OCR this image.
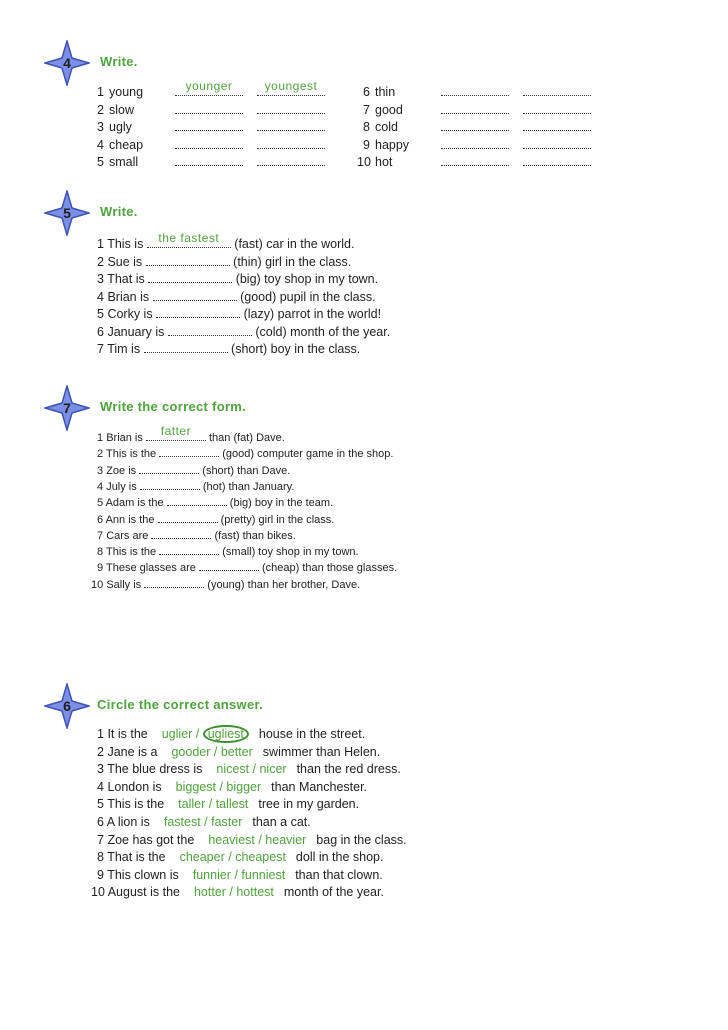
4	Write.
1 young	younger	youngest
2 slow
3 ugly
4 cheap
5 small
6 thin
7 good
8 cold
9 happy
10 hot
5	Write.
1 This is	the fastest	(fast) car in the world.
2 Sue is	(thin) girl in the class.
3 That is	(big) toy shop in my town.
4 Brian is	(good) pupil in the class.
5 Corky is	(lazy) parrot in the world!
6 January is	(cold) month of the year.
7 Tim is	(short) boy in the class.
7	Write the correct form.
1 Brian is	fatter	than (fat) Dave.
2 This is the	(good) computer game in the shop.
3 Zoe is	(short) than Dave.
4 July is	(hot) than January.
5 Adam is the	(big) boy in the team.
6 Ann is the	(pretty) girl in the class.
7 Cars are	(fast) than bikes.
8 This is the	(small) toy shop in my town.
9 These glasses are	(cheap) than those glasses.
10 Sally is	(young) than her brother, Dave.
6	Circle the correct answer.
1 It is the uglier / ugliest house in the street.
2 Jane is a gooder / better swimmer than Helen.
3 The blue dress is nicest / nicer than the red dress.
4 London is biggest / bigger than Manchester.
5 This is the taller / tallest tree in my garden.
6 A lion is fastest / faster than a cat.
7 Zoe has got the heaviest / heavier bag in the class.
8 That is the cheaper / cheapest doll in the shop.
9 This clown is funnier / funniest than that clown.
10 August is the hotter / hottest month of the year.
